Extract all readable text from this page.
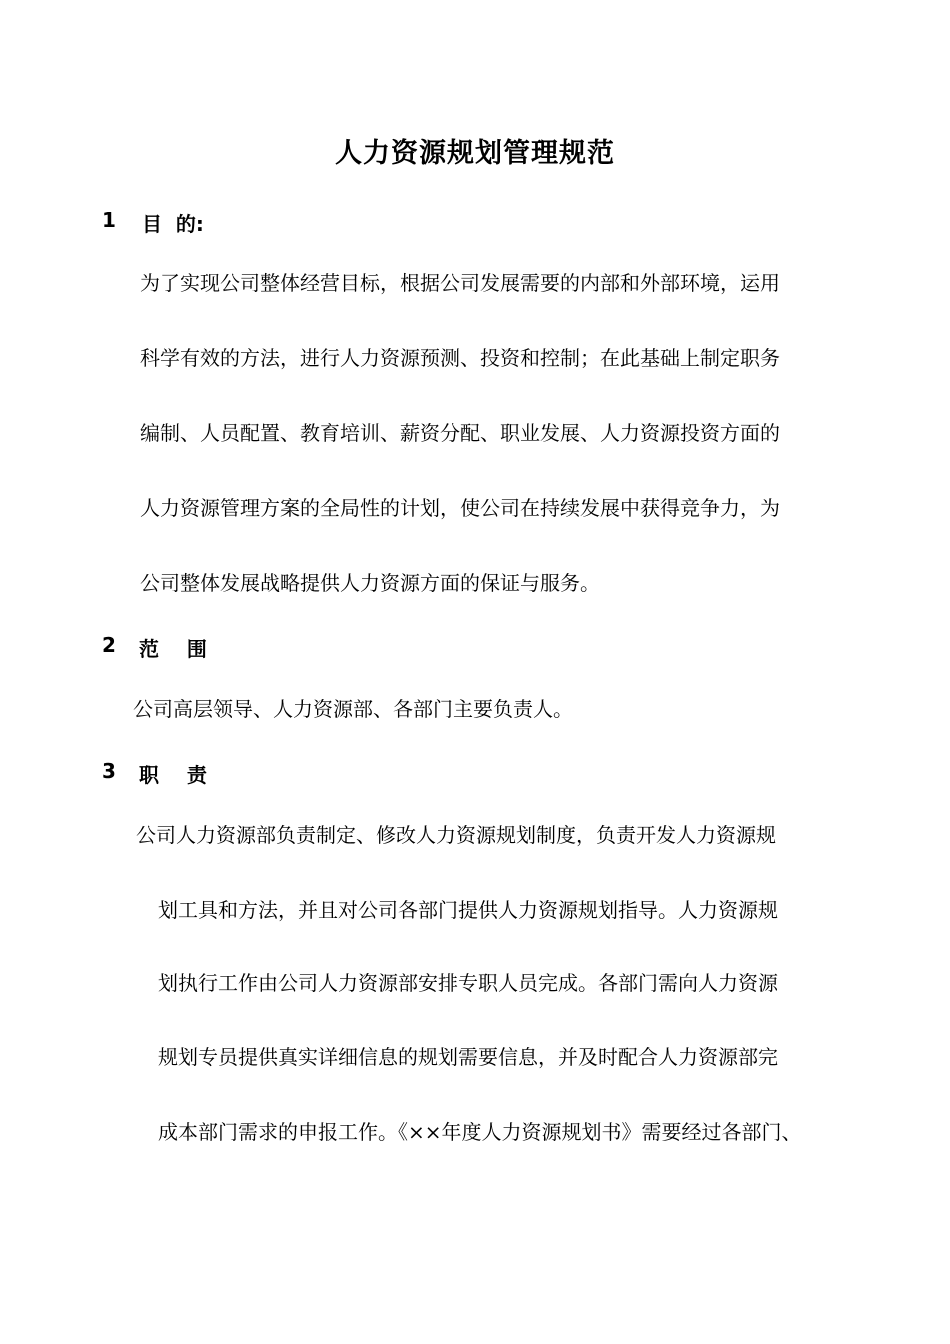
人力资源规划管理规范
1 目  的:
为了实现公司整体经营目标，根据公司发展需要的内部和外部环境，运用
科学有效的方法，进行人力资源预测、投资和控制；在此基础上制定职务
编制、人员配置、教育培训、薪资分配、职业发展、人力资源投资方面的
人力资源管理方案的全局性的计划，使公司在持续发展中获得竞争力，为
公司整体发展战略提供人力资源方面的保证与服务。
2 范    围
公司高层领导、人力资源部、各部门主要负责人。
3 职    责
公司人力资源部负责制定、修改人力资源规划制度，负责开发人力资源规
划工具和方法，并且对公司各部门提供人力资源规划指导。人力资源规
划执行工作由公司人力资源部安排专职人员完成。各部门需向人力资源
规划专员提供真实详细信息的规划需要信息，并及时配合人力资源部完
成本部门需求的申报工作。《××年度人力资源规划书》需要经过各部门、
